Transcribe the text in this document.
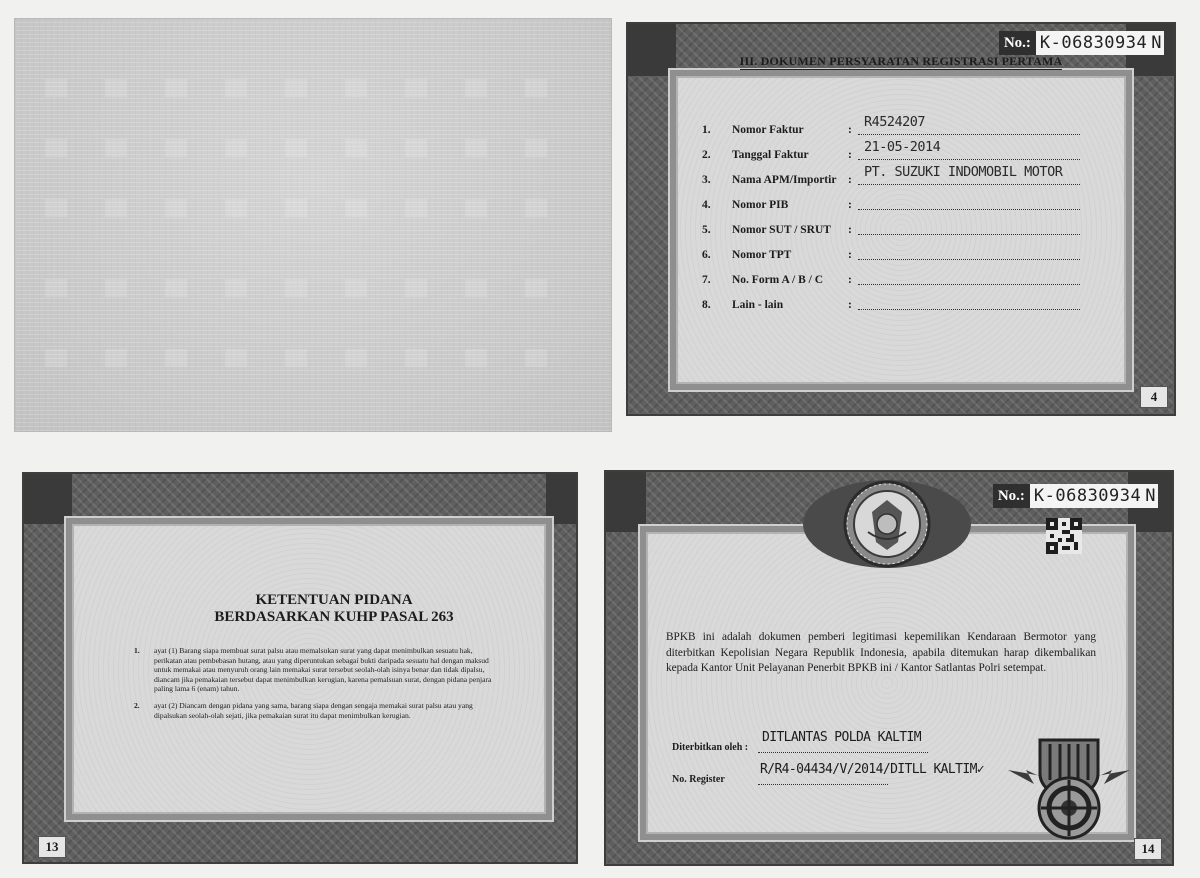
No.: K-06830934 N
III. DOKUMEN PERSYARATAN REGISTRASI PERTAMA
1. Nomor Faktur	: R4524207
2. Tanggal Faktur	: 21-05-2014
3. Nama APM/Importir : PT. SUZUKI INDOMOBIL MOTOR
4. Nomor PIB	:
5. Nomor SUT / SRUT :
6. Nomor TPT	:
7. No. Form A / B / C :
8. Lain - lain	:
4
KETENTUAN PIDANA
BERDASARKAN KUHP PASAL 263
1. ayat (1) Barang siapa membuat surat palsu atau memalsukan surat yang dapat menimbulkan sesuatu hak, perikatan atau pembebasan hutang, atau yang diperuntukan sebagai bukti daripada sesuatu hal dengan maksud untuk memakai atau menyuruh orang lain memakai surat tersebut seolah-olah isinya benar dan tidak dipalsu, diancam jika pemakaian tersebut dapat menimbulkan kerugian, karena pemalsuan surat, dengan pidana penjara paling lama 6 (enam) tahun.
2. ayat (2) Diancam dengan pidana yang sama, barang siapa dengan sengaja memakai surat palsu atau yang dipalsukan seolah-olah sejati, jika pemakaian surat itu dapat menimbulkan kerugian.
13
No.: K-06830934 N
BPKB ini adalah dokumen pemberi legitimasi kepemilikan Kendaraan Bermotor yang diterbitkan Kepolisian Negara Republik Indonesia, apabila ditemukan harap dikembalikan kepada Kantor Unit Pelayanan Penerbit BPKB ini / Kantor Satlantas Polri setempat.
Diterbitkan oleh :
DITLANTAS POLDA KALTIM
No. Register
R/R4-04434/V/2014/DITLL KALTIM✓
14
